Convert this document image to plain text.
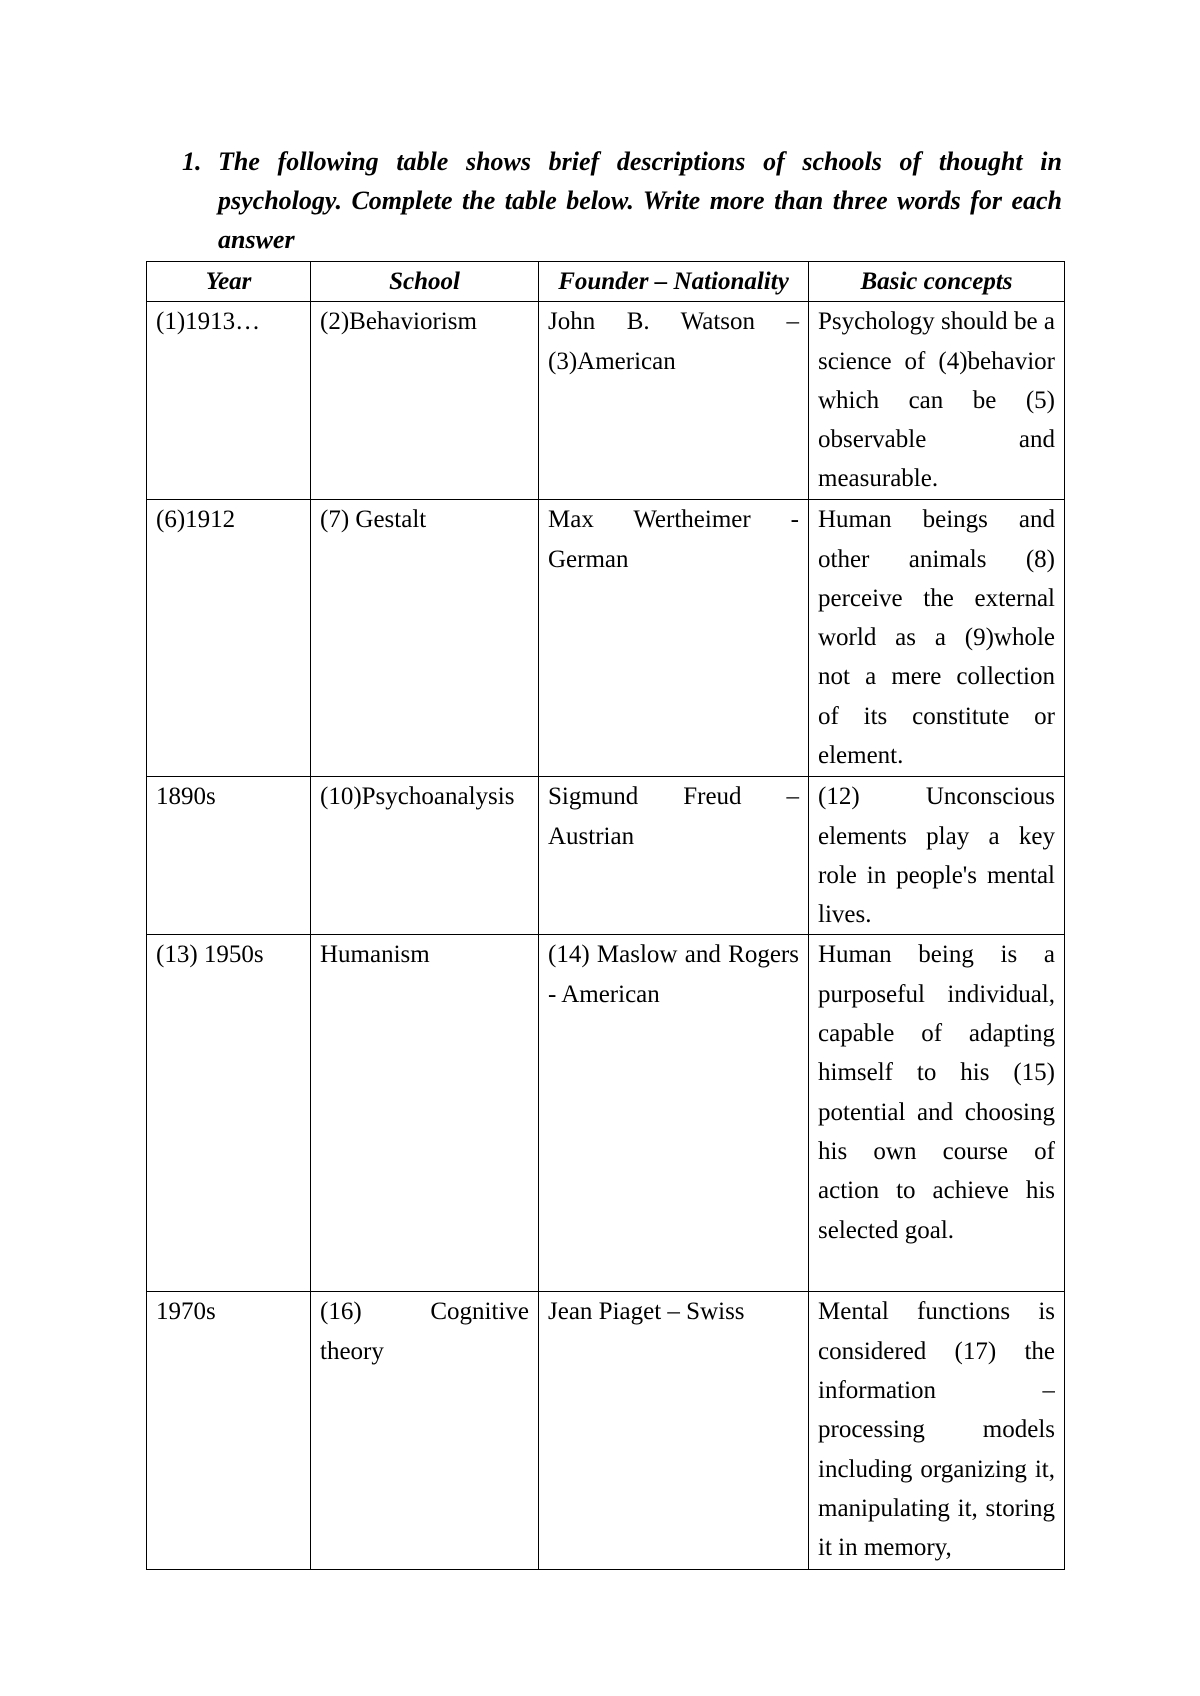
1. The following table shows brief descriptions of schools of thought in psychology. Complete the table below. Write more than three words for each answer
Year	School	Founder – Nationality	Basic concepts
(1)1913…	(2)Behaviorism	John B. Watson – (3)American	Psychology should be a science of (4)behavior which can be (5) observable and measurable.
(6)1912	(7) Gestalt	Max Wertheimer - German	Human beings and other animals (8) perceive the external world as a (9)whole not a mere collection of its constitute or element.
1890s	(10)Psychoanalysis	Sigmund Freud – Austrian	(12) Unconscious elements play a key role in people's mental lives.
(13) 1950s	Humanism	(14) Maslow and Rogers - American	Human being is a purposeful individual, capable of adapting himself to his (15) potential and choosing his own course of action to achieve his selected goal.
1970s	(16) Cognitive theory	Jean Piaget – Swiss	Mental functions is considered (17) the information – processing models including organizing it, manipulating it, storing it in memory,
